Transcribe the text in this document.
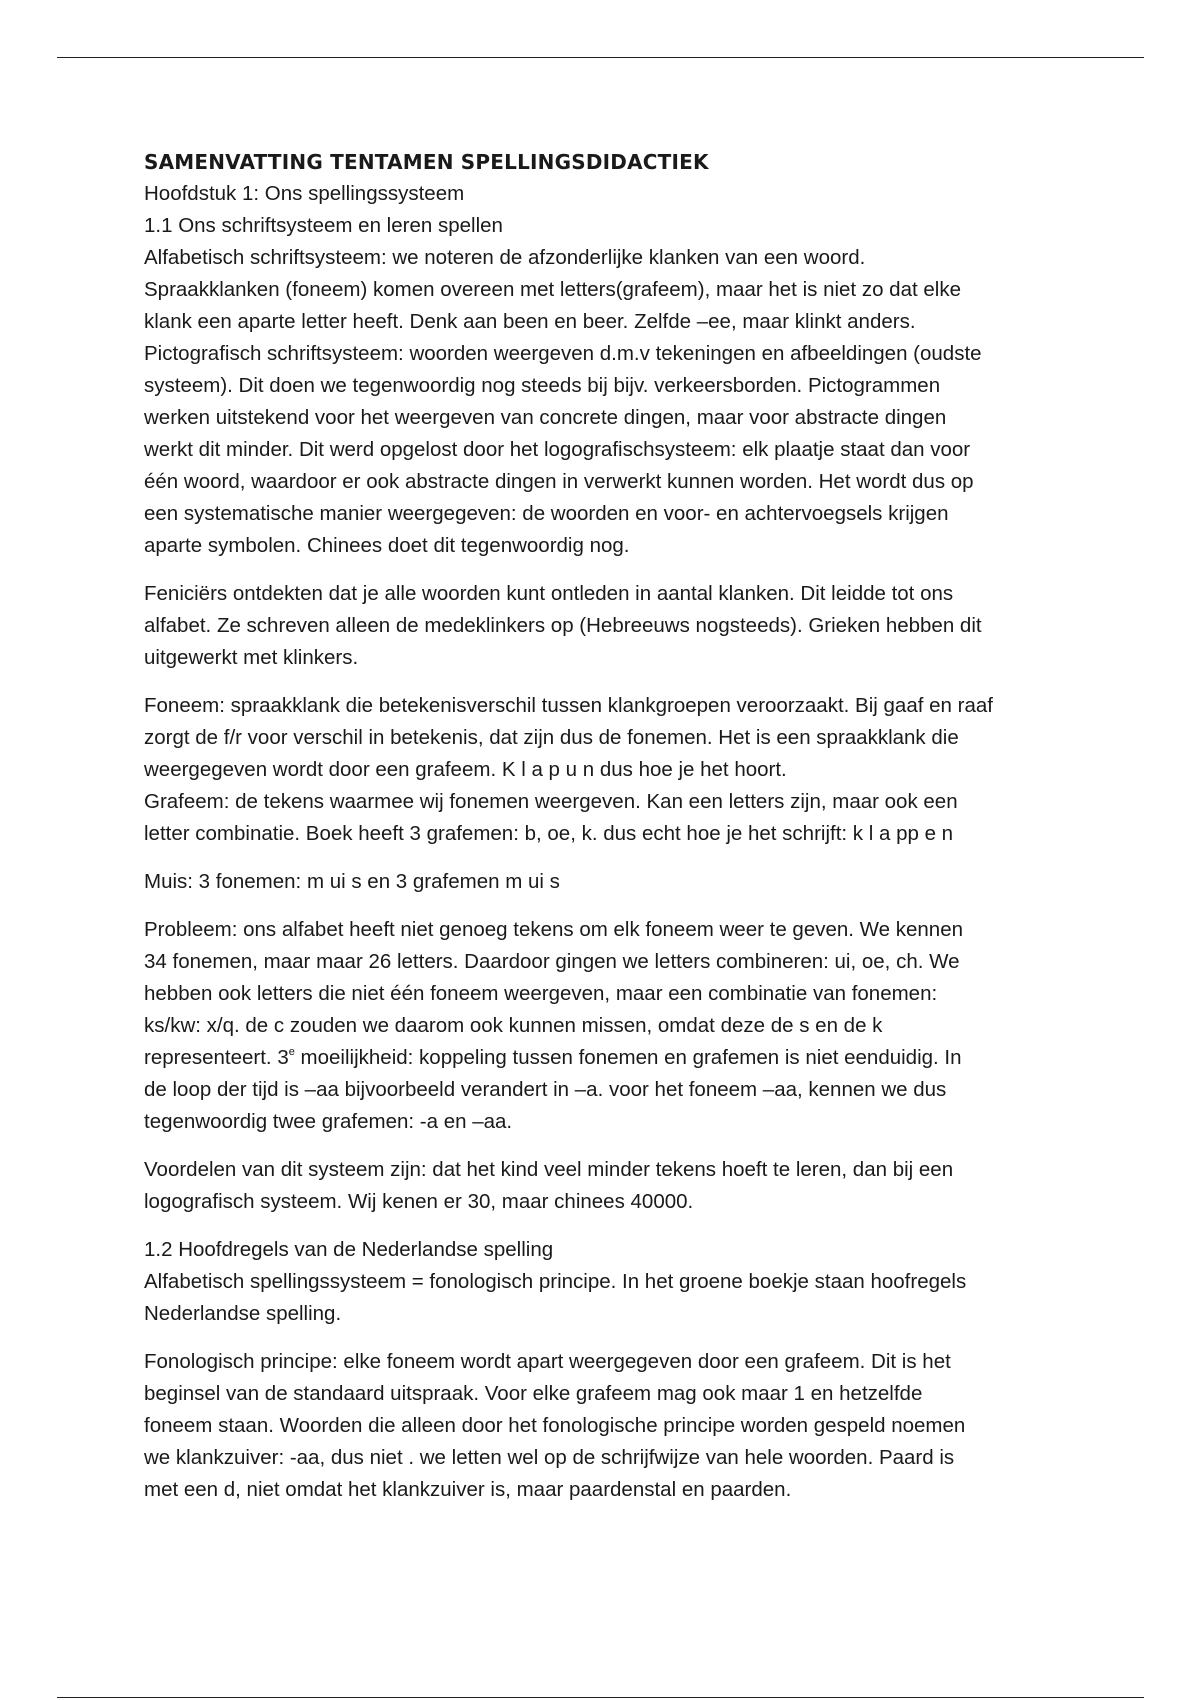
SAMENVATTING TENTAMEN SPELLINGSDIDACTIEK
Hoofdstuk 1: Ons spellingssysteem
1.1 Ons schriftsysteem en leren spellen
Alfabetisch schriftsysteem: we noteren de afzonderlijke klanken van een woord.
Spraakklanken (foneem) komen overeen met letters(grafeem), maar het is niet zo dat elke
klank een aparte letter heeft. Denk aan been en beer. Zelfde –ee, maar klinkt anders.
Pictografisch schriftsysteem: woorden weergeven d.m.v tekeningen en afbeeldingen (oudste
systeem). Dit doen we tegenwoordig nog steeds bij bijv. verkeersborden. Pictogrammen
werken uitstekend voor het weergeven van concrete dingen, maar voor abstracte dingen
werkt dit minder. Dit werd opgelost door het logografischsysteem: elk plaatje staat dan voor
één woord, waardoor er ook abstracte dingen in verwerkt kunnen worden. Het wordt dus op
een systematische manier weergegeven: de woorden en voor- en achtervoegsels krijgen
aparte symbolen. Chinees doet dit tegenwoordig nog.
Feniciërs ontdekten dat je alle woorden kunt ontleden in aantal klanken. Dit leidde tot ons
alfabet. Ze schreven alleen de medeklinkers op (Hebreeuws nogsteeds). Grieken hebben dit
uitgewerkt met klinkers.
Foneem: spraakklank die betekenisverschil tussen klankgroepen veroorzaakt. Bij gaaf en raaf
zorgt de f/r voor verschil in betekenis, dat zijn dus de fonemen. Het is een spraakklank die
weergegeven wordt door een grafeem. K l a p u n dus hoe je het hoort.
Grafeem: de tekens waarmee wij fonemen weergeven. Kan een letters zijn, maar ook een
letter combinatie. Boek heeft 3 grafemen: b, oe, k. dus echt hoe je het schrijft: k l a pp e n
Muis: 3 fonemen: m ui s en 3 grafemen m ui s
Probleem: ons alfabet heeft niet genoeg tekens om elk foneem weer te geven. We kennen
34 fonemen, maar maar 26 letters. Daardoor gingen we letters combineren: ui, oe, ch. We
hebben ook letters die niet één foneem weergeven, maar een combinatie van fonemen:
ks/kw: x/q. de c zouden we daarom ook kunnen missen, omdat deze de s en de k
representeert. 3e moeilijkheid: koppeling tussen fonemen en grafemen is niet eenduidig. In
de loop der tijd is –aa bijvoorbeeld verandert in –a. voor het foneem –aa, kennen we dus
tegenwoordig twee grafemen: -a en –aa.
Voordelen van dit systeem zijn: dat het kind veel minder tekens hoeft te leren, dan bij een
logografisch systeem. Wij kenen er 30, maar chinees 40000.
1.2 Hoofdregels van de Nederlandse spelling
Alfabetisch spellingssysteem = fonologisch principe. In het groene boekje staan hoofregels
Nederlandse spelling.
Fonologisch principe: elke foneem wordt apart weergegeven door een grafeem. Dit is het
beginsel van de standaard uitspraak. Voor elke grafeem mag ook maar 1 en hetzelfde
foneem staan. Woorden die alleen door het fonologische principe worden gespeld noemen
we klankzuiver: -aa, dus niet . we letten wel op de schrijfwijze van hele woorden. Paard is
met een d, niet omdat het klankzuiver is, maar paardenstal en paarden.
